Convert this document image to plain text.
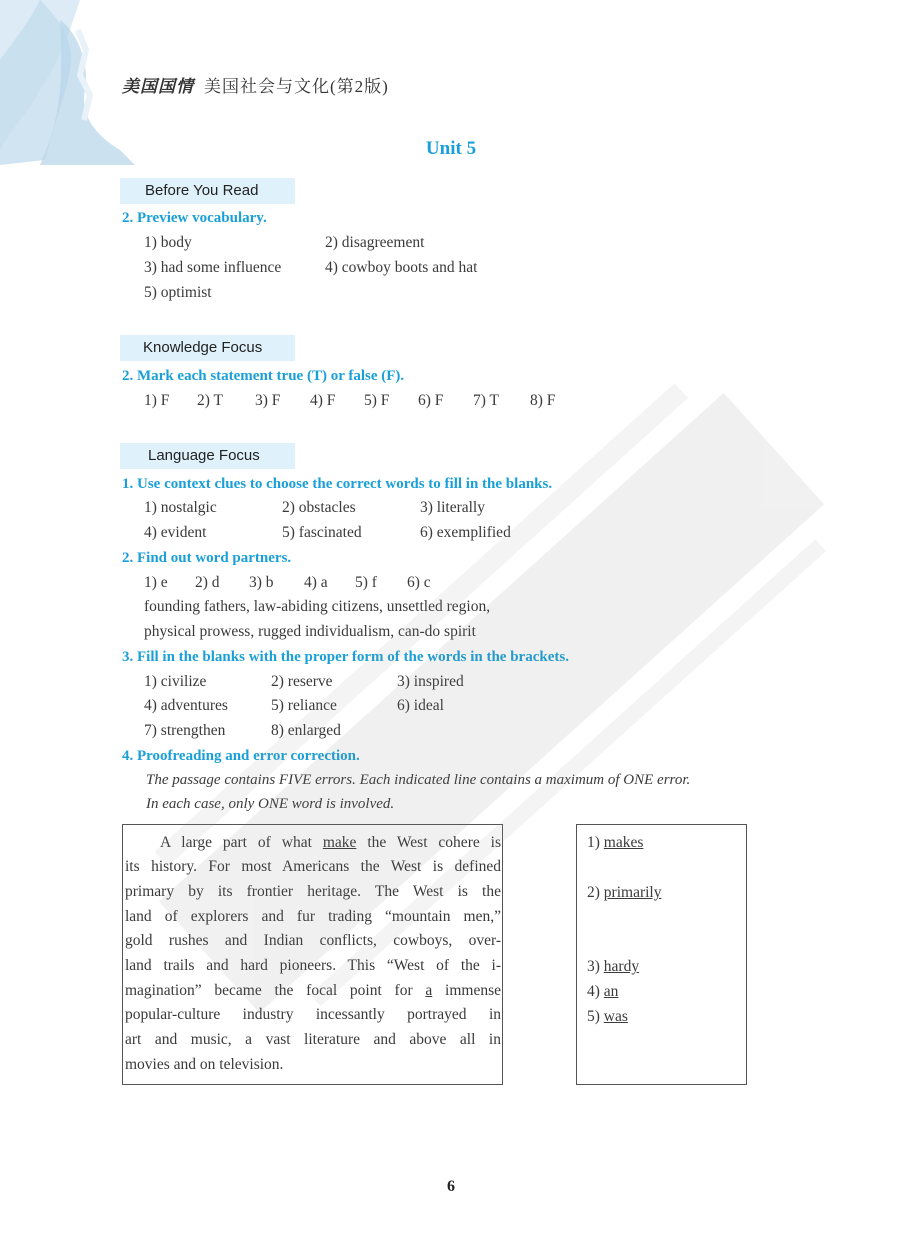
美国国情 美国社会与文化(第2版)
Unit 5
Before You Read
2. Preview vocabulary.
1) body	2) disagreement
3) had some influence	4) cowboy boots and hat
5) optimist
Knowledge Focus
2. Mark each statement true (T) or false (F).
1) F 2) T 3) F 4) F 5) F 6) F 7) T 8) F
Language Focus
1. Use context clues to choose the correct words to fill in the blanks.
1) nostalgic	2) obstacles	3) literally
4) evident	5) fascinated	6) exemplified
2. Find out word partners.
1) e 2) d 3) b 4) a 5) f 6) c
founding fathers, law-abiding citizens, unsettled region,
physical prowess, rugged individualism, can-do spirit
3. Fill in the blanks with the proper form of the words in the brackets.
1) civilize	2) reserve	3) inspired
4) adventures	5) reliance	6) ideal
7) strengthen	8) enlarged
4. Proofreading and error correction.
The passage contains FIVE errors. Each indicated line contains a maximum of ONE error.
In each case, only ONE word is involved.
A large part of what make the West cohere is
its history. For most Americans the West is defined
primary by its frontier heritage. The West is the
land of explorers and fur trading “mountain men,”
gold rushes and Indian conflicts, cowboys, over-
land trails and hard pioneers. This “West of the i-
magination” became the focal point for a immense
popular-culture industry incessantly portrayed in
art and music, a vast literature and above all in
movies and on television.
1) makes
2) primarily
3) hardy
4) an
5) was
6
